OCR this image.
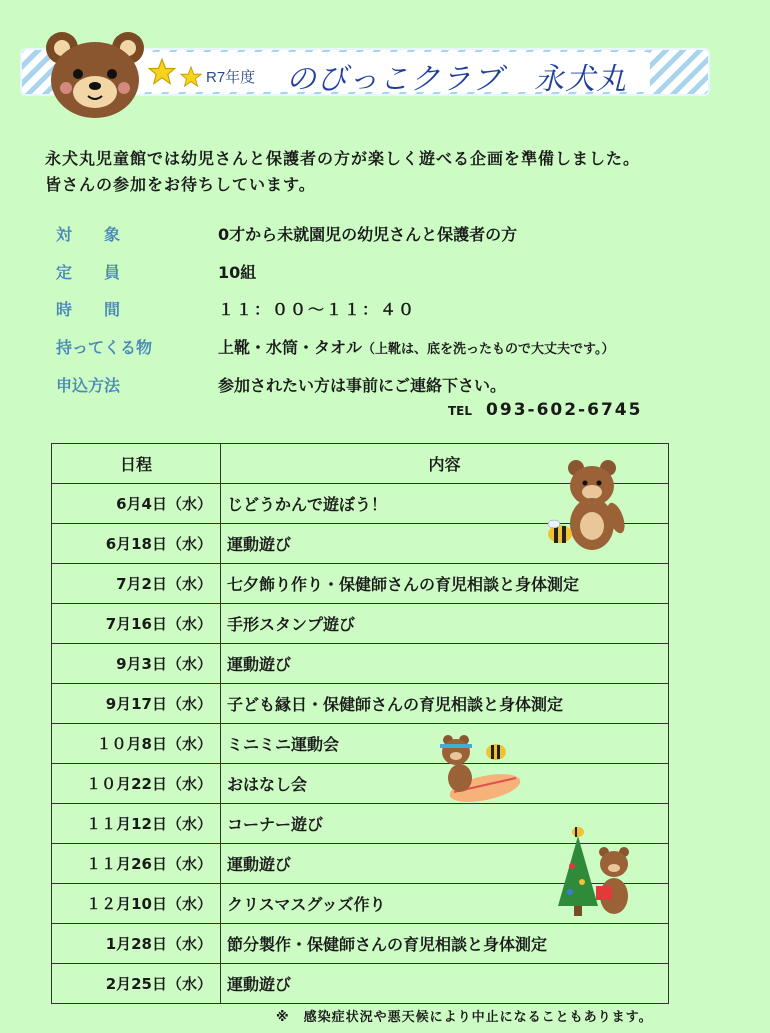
R7年度 のびっこクラブ　永犬丸
永犬丸児童館では幼児さんと保護者の方が楽しく遊べる企画を準備しました。
皆さんの参加をお待ちしています。
対　　象	0才から未就園児の幼児さんと保護者の方
定　　員	10組
時　　間	１１：００～１１：４０
持ってくる物	上靴・水筒・タオル（上靴は、底を洗ったもので大丈夫です。）
申込方法	参加されたい方は事前にご連絡下さい。
TEL 093-602-6745
日程	内容
6月4日（水）	じどうかんで遊ぼう！
6月18日（水）	運動遊び
7月2日（水）	七夕飾り作り・保健師さんの育児相談と身体測定
7月16日（水）	手形スタンプ遊び
9月3日（水）	運動遊び
9月17日（水）	子ども縁日・保健師さんの育児相談と身体測定
１０月8日（水）	ミニミニ運動会
１０月22日（水）	おはなし会
１１月12日（水）	コーナー遊び
１１月26日（水）	運動遊び
１２月10日（水）	クリスマスグッズ作り
1月28日（水）	節分製作・保健師さんの育児相談と身体測定
2月25日（水）	運動遊び
※　感染症状況や悪天候により中止になることもあります。
